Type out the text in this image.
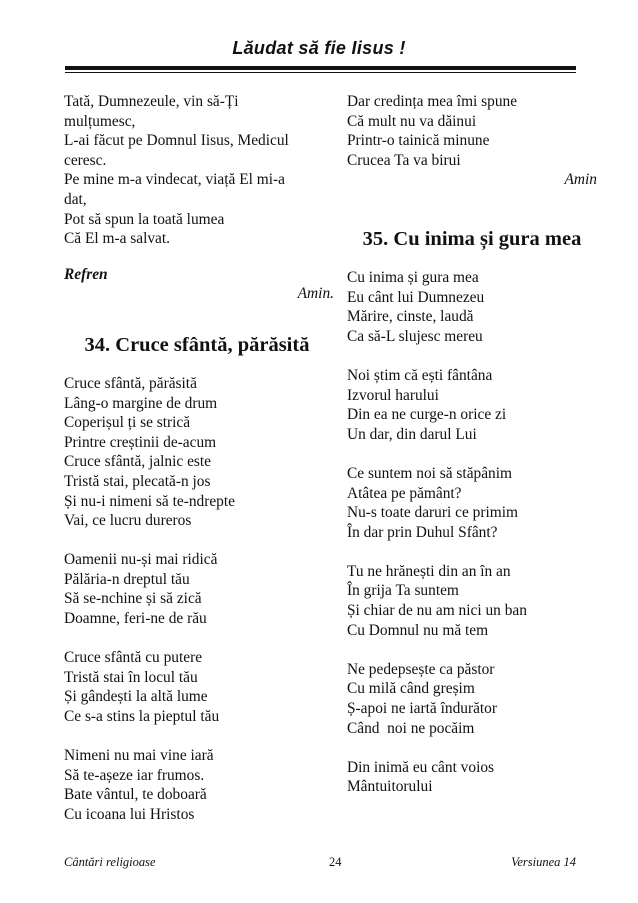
Lăudat să fie Iisus !
Tată, Dumnezeule, vin să-Ți
mulțumesc,
L-ai făcut pe Domnul Iisus, Medicul
ceresc.
Pe mine m-a vindecat, viață El mi-a
dat,
Pot să spun la toată lumea
Că El m-a salvat.
Refren
Amin.
34. Cruce sfântă, părăsită
Cruce sfântă, părăsită
Lâng-o margine de drum
Coperișul ți se strică
Printre creștinii de-acum
Cruce sfântă, jalnic este
Tristă stai, plecată-n jos
Și nu-i nimeni să te-ndrepte
Vai, ce lucru dureros
Oamenii nu-și mai ridică
Pălăria-n dreptul tău
Să se-nchine și să zică
Doamne, feri-ne de rău
Cruce sfântă cu putere
Tristă stai în locul tău
Și gândești la altă lume
Ce s-a stins la pieptul tău
Nimeni nu mai vine iară
Să te-așeze iar frumos.
Bate vântul, te doboară
Cu icoana lui Hristos
Dar credința mea îmi spune
Că mult nu va dăinui
Printr-o tainică minune
Crucea Ta va birui
Amin
35. Cu inima și gura mea
Cu inima și gura mea
Eu cânt lui Dumnezeu
Mărire, cinste, laudă
Ca să-L slujesc mereu
Noi știm că ești fântâna
Izvorul harului
Din ea ne curge-n orice zi
Un dar, din darul Lui
Ce suntem noi să stăpânim
Atâtea pe pământ?
Nu-s toate daruri ce primim
În dar prin Duhul Sfânt?
Tu ne hrănești din an în an
În grija Ta suntem
Și chiar de nu am nici un ban
Cu Domnul nu mă tem
Ne pedepsește ca păstor
Cu milă când greșim
Ș-apoi ne iartă îndurător
Când  noi ne pocăim
Din inimă eu cânt voios
Mântuitorului
Cântări religioase	24	Versiunea 14
